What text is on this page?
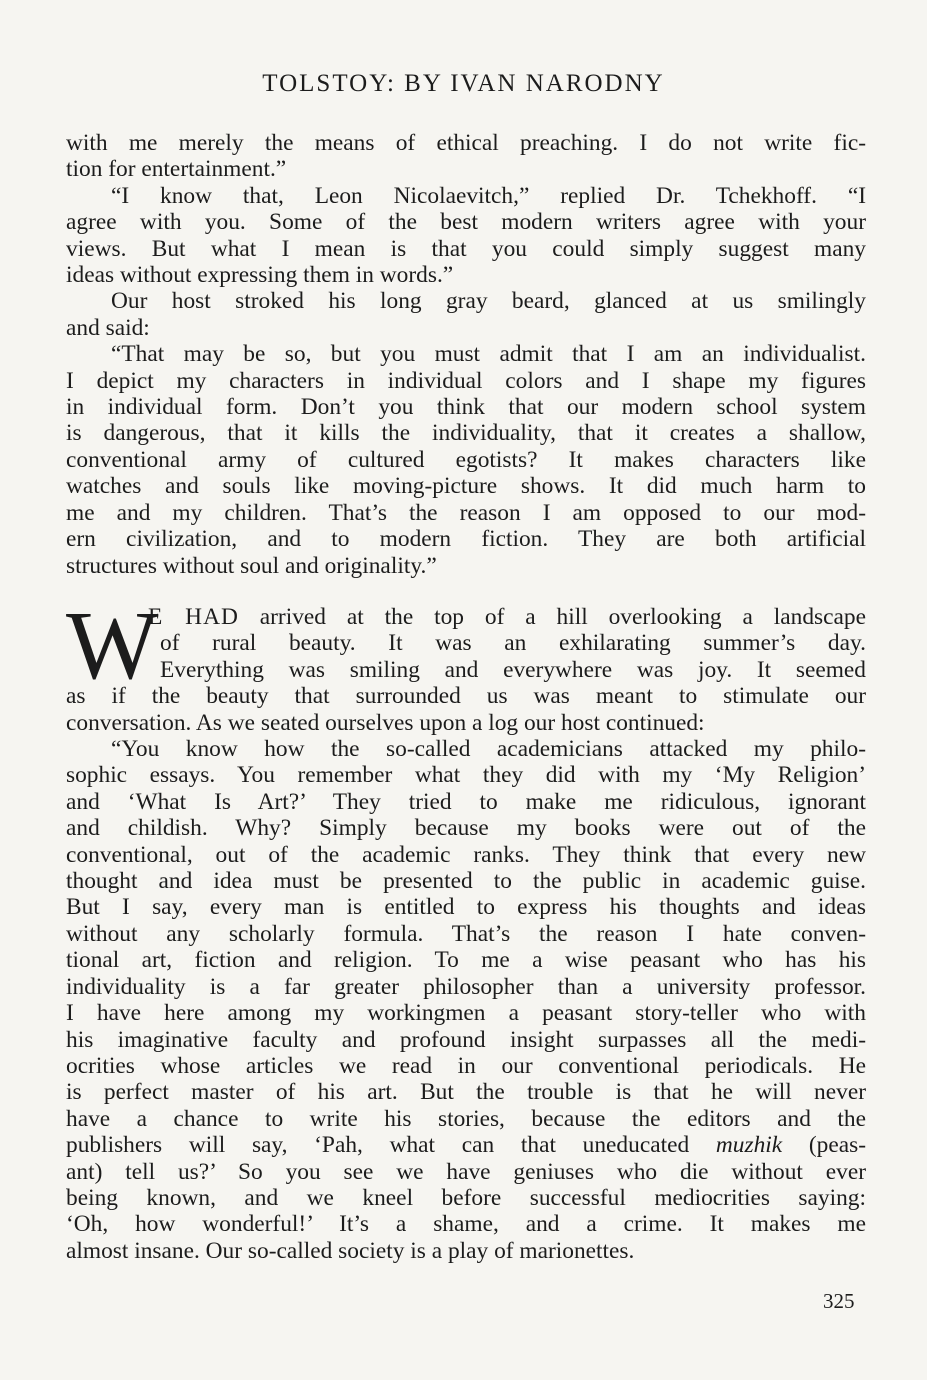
TOLSTOY: BY IVAN NARODNY
with me merely the means of ethical preaching. I do not write fic-
tion for entertainment.”
“I know that, Leon Nicolaevitch,” replied Dr. Tchekhoff. “I
agree with you. Some of the best modern writers agree with your
views. But what I mean is that you could simply suggest many
ideas without expressing them in words.”
Our host stroked his long gray beard, glanced at us smilingly
and said:
“That may be so, but you must admit that I am an individualist.
I depict my characters in individual colors and I shape my figures
in individual form. Don’t you think that our modern school system
is dangerous, that it kills the individuality, that it creates a shallow,
conventional army of cultured egotists? It makes characters like
watches and souls like moving-picture shows. It did much harm to
me and my children. That’s the reason I am opposed to our mod-
ern civilization, and to modern fiction. They are both artificial
structures without soul and originality.”
W
E HAD arrived at the top of a hill overlooking a landscape
of rural beauty. It was an exhilarating summer’s day.
Everything was smiling and everywhere was joy. It seemed
as if the beauty that surrounded us was meant to stimulate our
conversation. As we seated ourselves upon a log our host continued:
“You know how the so-called academicians attacked my philo-
sophic essays. You remember what they did with my ‘My Religion’
and ‘What Is Art?’ They tried to make me ridiculous, ignorant
and childish. Why? Simply because my books were out of the
conventional, out of the academic ranks. They think that every new
thought and idea must be presented to the public in academic guise.
But I say, every man is entitled to express his thoughts and ideas
without any scholarly formula. That’s the reason I hate conven-
tional art, fiction and religion. To me a wise peasant who has his
individuality is a far greater philosopher than a university professor.
I have here among my workingmen a peasant story-teller who with
his imaginative faculty and profound insight surpasses all the medi-
ocrities whose articles we read in our conventional periodicals. He
is perfect master of his art. But the trouble is that he will never
have a chance to write his stories, because the editors and the
publishers will say, ‘Pah, what can that uneducated muzhik (peas-
ant) tell us?’ So you see we have geniuses who die without ever
being known, and we kneel before successful mediocrities saying:
‘Oh, how wonderful!’ It’s a shame, and a crime. It makes me
almost insane. Our so-called society is a play of marionettes.
325
